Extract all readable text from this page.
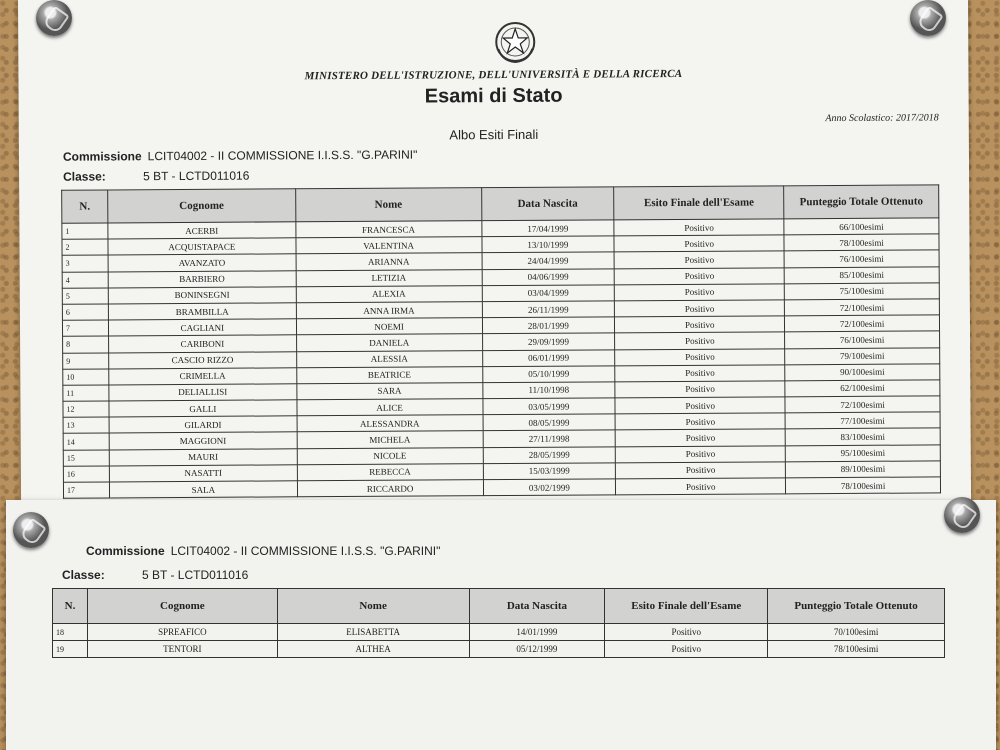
MINISTERO DELL'ISTRUZIONE, DELL'UNIVERSITÀ E DELLA RICERCA
Esami di Stato
Anno Scolastico: 2017/2018
Albo Esiti Finali
Commissione LCIT04002 - II COMMISSIONE I.I.S.S. "G.PARINI"
Classe:	5 BT - LCTD011016
N.	Cognome	Nome	Data Nascita	Esito Finale dell'Esame	Punteggio Totale Ottenuto
1	ACERBI	FRANCESCA	17/04/1999	Positivo	66/100esimi
2	ACQUISTAPACE	VALENTINA	13/10/1999	Positivo	78/100esimi
3	AVANZATO	ARIANNA	24/04/1999	Positivo	76/100esimi
4	BARBIERO	LETIZIA	04/06/1999	Positivo	85/100esimi
5	BONINSEGNI	ALEXIA	03/04/1999	Positivo	75/100esimi
6	BRAMBILLA	ANNA IRMA	26/11/1999	Positivo	72/100esimi
7	CAGLIANI	NOEMI	28/01/1999	Positivo	72/100esimi
8	CARIBONI	DANIELA	29/09/1999	Positivo	76/100esimi
9	CASCIO RIZZO	ALESSIA	06/01/1999	Positivo	79/100esimi
10	CRIMELLA	BEATRICE	05/10/1999	Positivo	90/100esimi
11	DELIALLISI	SARA	11/10/1998	Positivo	62/100esimi
12	GALLI	ALICE	03/05/1999	Positivo	72/100esimi
13	GILARDI	ALESSANDRA	08/05/1999	Positivo	77/100esimi
14	MAGGIONI	MICHELA	27/11/1998	Positivo	83/100esimi
15	MAURI	NICOLE	28/05/1999	Positivo	95/100esimi
16	NASATTI	REBECCA	15/03/1999	Positivo	89/100esimi
17	SALA	RICCARDO	03/02/1999	Positivo	78/100esimi
Commissione LCIT04002 - II COMMISSIONE I.I.S.S. "G.PARINI"
Classe:	5 BT - LCTD011016
N.	Cognome	Nome	Data Nascita	Esito Finale dell'Esame	Punteggio Totale Ottenuto
18	SPREAFICO	ELISABETTA	14/01/1999	Positivo	70/100esimi
19	TENTORI	ALTHEA	05/12/1999	Positivo	78/100esimi
